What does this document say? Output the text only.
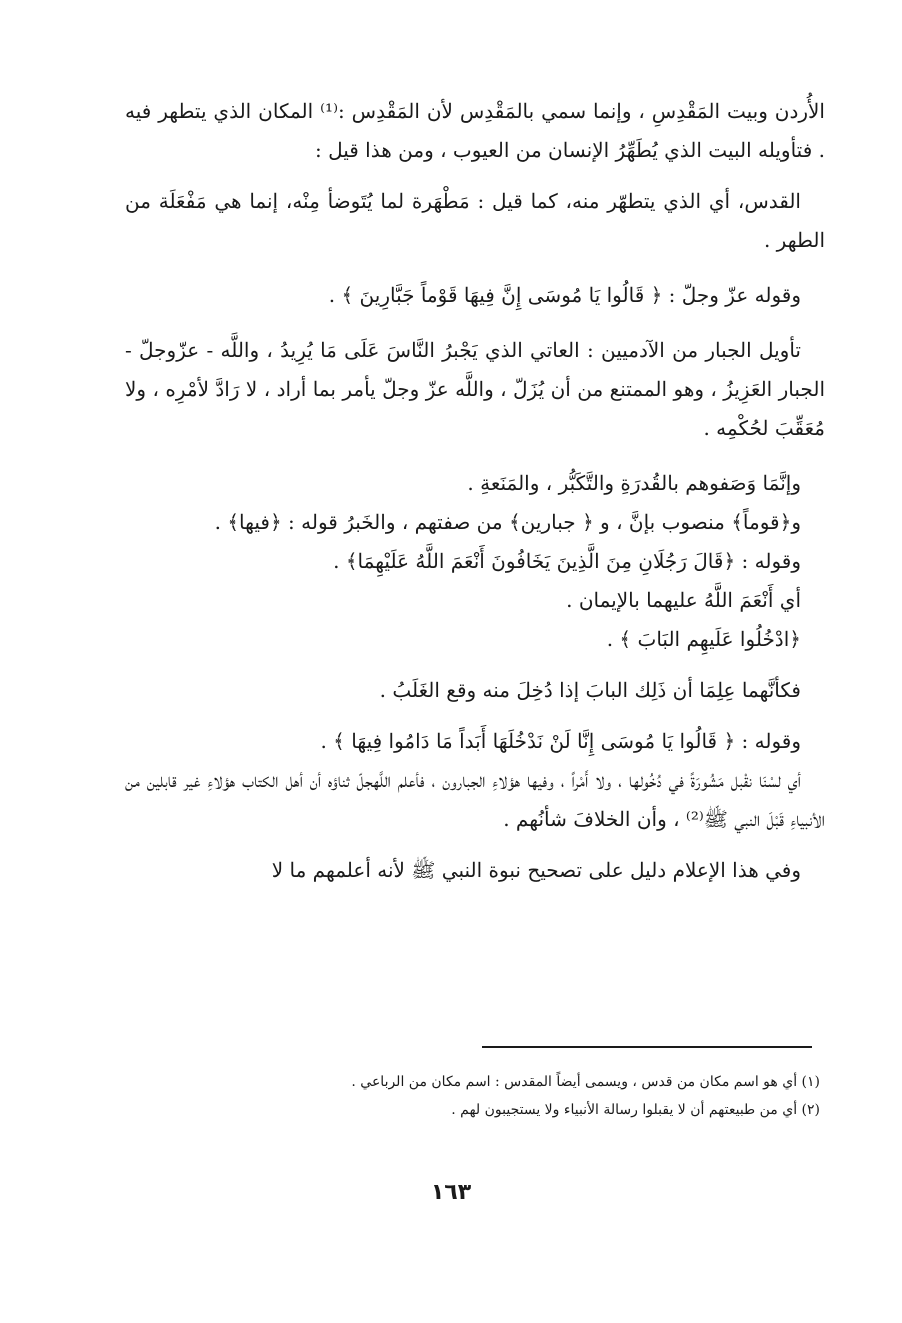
الأُردن وبيت المَقْدِسِ ، وإنما سمي بالمَقْدِس لأن المَقْدِس :⁽¹⁾ المكان الذي يتطهر فيه . فتأويله البيت الذي يُطَهِّرُ الإنسان من العيوب ، ومن هذا قيل :

القدس، أي الذي يتطهّر منه، كما قيل : مَطْهَرة لما يُتَوضأ مِنْه، إنما هي مَفْعَلَة من الطهر .

وقوله عزّ وجلّ : ﴿ قَالُوا يَا مُوسَى إِنَّ فِيهَا قَوْماً جَبَّارِينَ ﴾ .

تأويل الجبار من الآدميين : العاتي الذي يَجْبرُ النَّاسَ عَلَى مَا يُرِيدُ ، واللَّه - عزّوجلّ - الجبار العَزِيزُ ، وهو الممتنع من أن يُزَلّ ، واللَّه عزّ وجلّ يأمر بما أراد ، لا رَادَّ لأمْرِه ، ولا مُعَقِّبَ لحُكْمِه .

وإنَّمَا وَصَفوهم بالقُدرَةِ والتَّكَبُّر ، والمَنَعةِ .

و﴿قوماً﴾ منصوب بإنَّ ، و ﴿ جبارين﴾ من صفتهم ، والخَبرُ قوله : ﴿فيها﴾ .

وقوله : ﴿قَالَ رَجُلَانِ مِنَ الَّذِينَ يَخَافُونَ أَنْعَمَ اللَّهُ عَلَيْهِمَا﴾ .

أي أَنْعَمَ اللَّهُ عليهما بالإيمان .

﴿ادْخُلُوا عَلَيهِم البَابَ ﴾ .

فكأنَّهما عِلِمَا أن ذَلِك البابَ إذا دُخِلَ منه وقع الغَلَبُ .

وقوله : ﴿ قَالُوا يَا مُوسَى إِنَّا لَنْ نَدْخُلَهَا أَبَداً مَا دَامُوا فِيهَا ﴾ .

أي لسْنَا نقْبل مَشُورَةً في دُخُولها ، ولا أَمْراً ، وفيها هؤلاءِ الجبارون ، فأعلم اللَّهجلّ ثناؤه أن أهل الكتاب هؤلاءِ غير قابلين من الأنبياءِ قَبْلَ النبي ﷺ⁽²⁾ ، وأن الخلافَ شأنُهم .

وفي هذا الإعلام دليل على تصحيح نبوة النبي ﷺ لأنه أعلمهم ما لا

(١) أي هو اسم مكان من قدس ، ويسمى أيضاً المقدس : اسم مكان من الرباعي .

(٢) أي من طبيعتهم أن لا يقبلوا رسالة الأنبياء ولا يستجيبون لهم .

١٦٣
